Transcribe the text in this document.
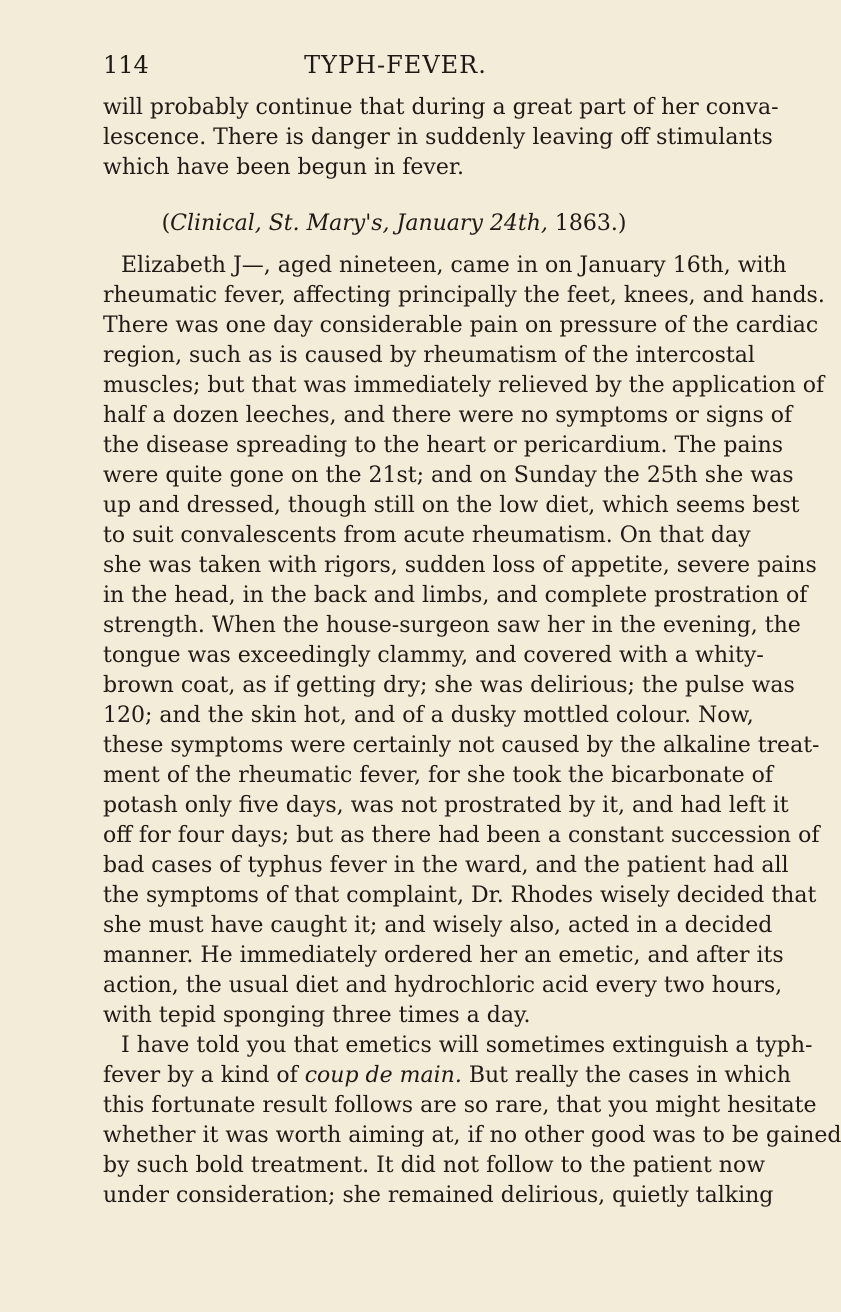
114	TYPH-FEVER.
will probably continue that during a great part of her conva-
lescence. There is danger in suddenly leaving off stimulants
which have been begun in fever.
(Clinical, St. Mary's, January 24th, 1863.)
Elizabeth J—, aged nineteen, came in on January 16th, with
rheumatic fever, affecting principally the feet, knees, and hands.
There was one day considerable pain on pressure of the cardiac
region, such as is caused by rheumatism of the intercostal
muscles; but that was immediately relieved by the application of
half a dozen leeches, and there were no symptoms or signs of
the disease spreading to the heart or pericardium. The pains
were quite gone on the 21st; and on Sunday the 25th she was
up and dressed, though still on the low diet, which seems best
to suit convalescents from acute rheumatism. On that day
she was taken with rigors, sudden loss of appetite, severe pains
in the head, in the back and limbs, and complete prostration of
strength. When the house-surgeon saw her in the evening, the
tongue was exceedingly clammy, and covered with a whity-
brown coat, as if getting dry; she was delirious; the pulse was
120; and the skin hot, and of a dusky mottled colour. Now,
these symptoms were certainly not caused by the alkaline treat-
ment of the rheumatic fever, for she took the bicarbonate of
potash only five days, was not prostrated by it, and had left it
off for four days; but as there had been a constant succession of
bad cases of typhus fever in the ward, and the patient had all
the symptoms of that complaint, Dr. Rhodes wisely decided that
she must have caught it; and wisely also, acted in a decided
manner. He immediately ordered her an emetic, and after its
action, the usual diet and hydrochloric acid every two hours,
with tepid sponging three times a day.
I have told you that emetics will sometimes extinguish a typh-
fever by a kind of coup de main. But really the cases in which
this fortunate result follows are so rare, that you might hesitate
whether it was worth aiming at, if no other good was to be gained
by such bold treatment. It did not follow to the patient now
under consideration; she remained delirious, quietly talking
